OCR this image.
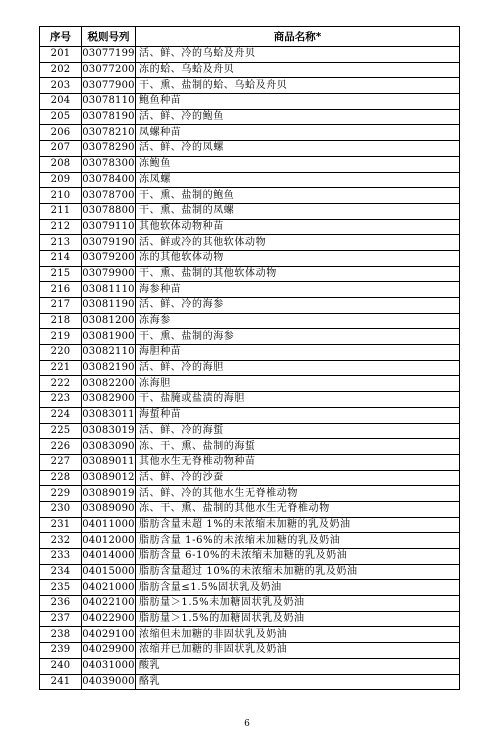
序号	税则号列	商品名称*
201	03077199	活、鲜、冷的乌蛤及舟贝
202	03077200	冻的蛤、乌蛤及舟贝
203	03077900	干、熏、盐制的蛤、乌蛤及舟贝
204	03078110	鲍鱼种苗
205	03078190	活、鲜、冷的鲍鱼
206	03078210	凤螺种苗
207	03078290	活、鲜、冷的凤螺
208	03078300	冻鲍鱼
209	03078400	冻凤螺
210	03078700	干、熏、盐制的鲍鱼
211	03078800	干、熏、盐制的凤螺
212	03079110	其他软体动物种苗
213	03079190	活、鲜或冷的其他软体动物
214	03079200	冻的其他软体动物
215	03079900	干、熏、盐制的其他软体动物
216	03081110	海参种苗
217	03081190	活、鲜、冷的海参
218	03081200	冻海参
219	03081900	干、熏、盐制的海参
220	03082110	海胆种苗
221	03082190	活、鲜、冷的海胆
222	03082200	冻海胆
223	03082900	干、盐腌或盐渍的海胆
224	03083011	海蜇种苗
225	03083019	活、鲜、冷的海蜇
226	03083090	冻、干、熏、盐制的海蜇
227	03089011	其他水生无脊椎动物种苗
228	03089012	活、鲜、冷的沙蚕
229	03089019	活、鲜、冷的其他水生无脊椎动物
230	03089090	冻、干、熏、盐制的其他水生无脊椎动物
231	04011000	脂肪含量未超 1%的未浓缩未加糖的乳及奶油
232	04012000	脂肪含量 1-6%的未浓缩未加糖的乳及奶油
233	04014000	脂肪含量 6-10%的未浓缩未加糖的乳及奶油
234	04015000	脂肪含量超过 10%的未浓缩未加糖的乳及奶油
235	04021000	脂肪含量≤1.5%固状乳及奶油
236	04022100	脂肪量＞1.5%未加糖固状乳及奶油
237	04022900	脂肪量＞1.5%的加糖固状乳及奶油
238	04029100	浓缩但未加糖的非固状乳及奶油
239	04029900	浓缩并已加糖的非固状乳及奶油
240	04031000	酸乳
241	04039000	酪乳
6
